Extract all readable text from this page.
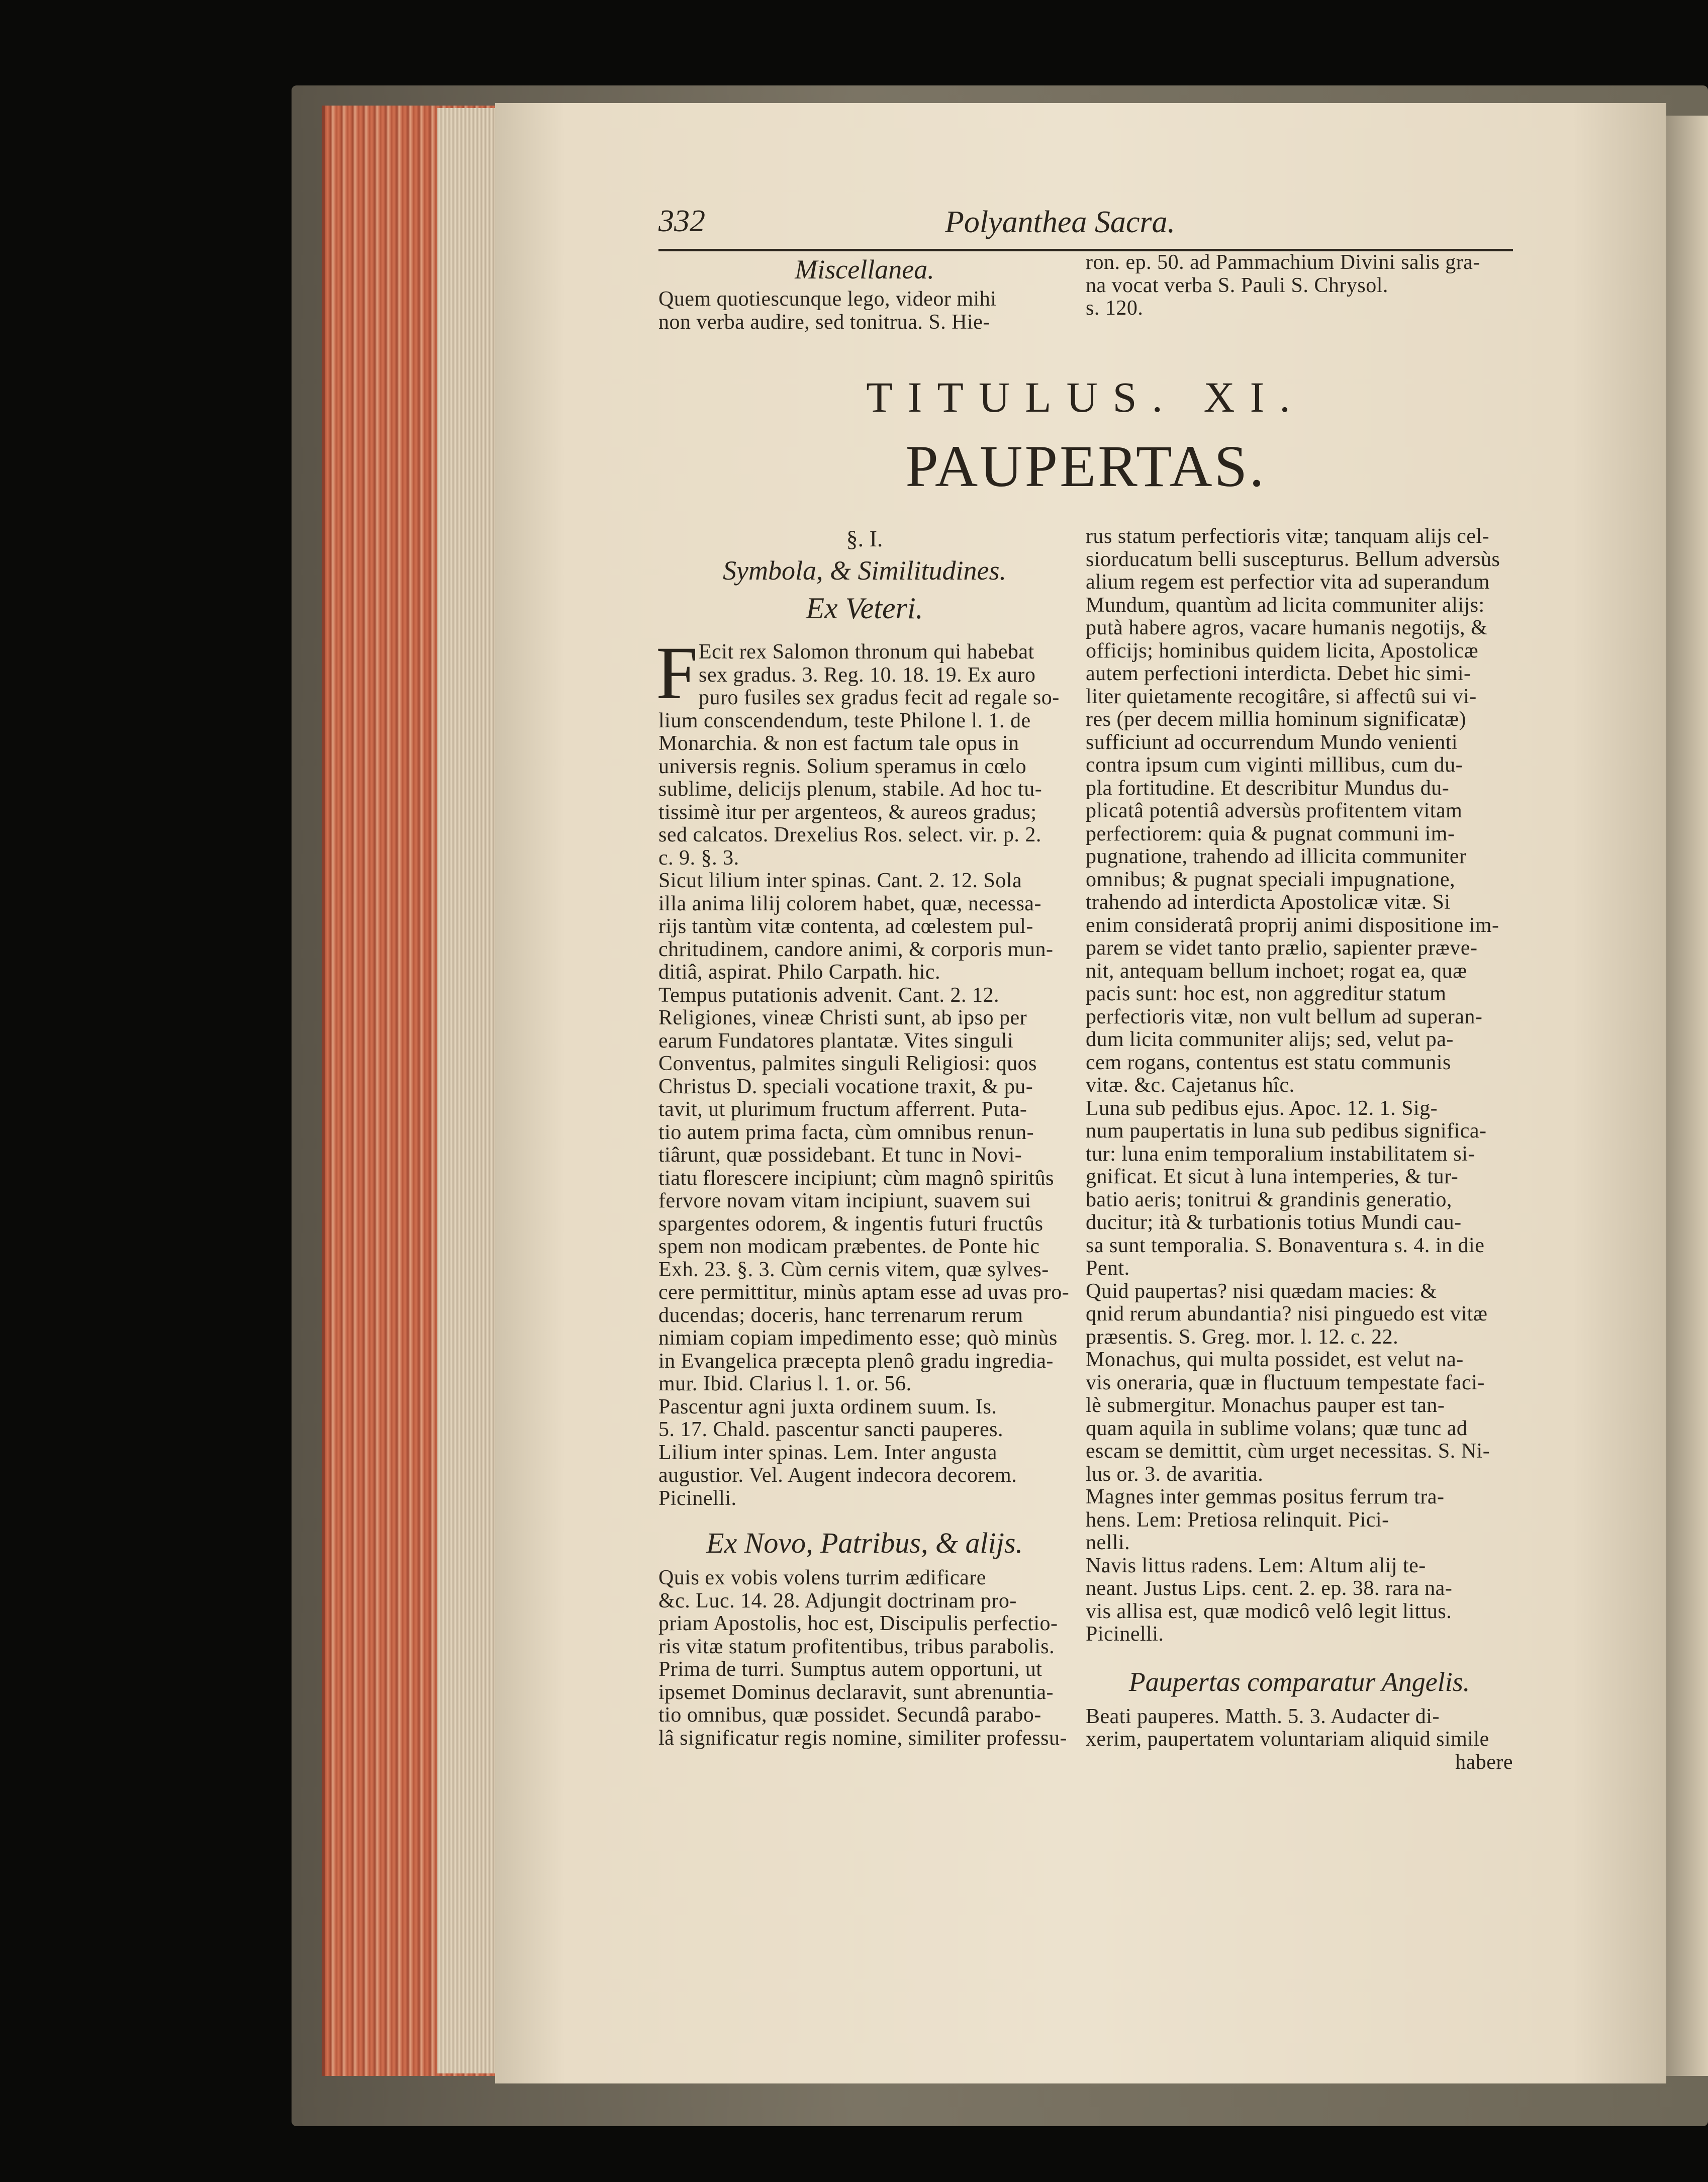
332	Polyanthea Sacra.
Miscellanea.

Quem quotiescunque lego, videor mihi

non verba audire, sed tonitrua. S. Hie-

ron. ep. 50. ad Pammachium Divini salis gra-

na vocat verba S. Pauli S. Chrysol.

s. 120.

TITULUS. XI.
PAUPERTAS.
§. I.
Symbola, & Similitudines.
Ex Veteri.
F Ecit rex Salomon thronum qui habebat

sex gradus. 3. Reg. 10. 18. 19. Ex auro

puro fusiles sex gradus fecit ad regale so-

lium conscendendum, teste Philone l. 1. de

Monarchia. & non est factum tale opus in

universis regnis. Solium speramus in cœlo

sublime, delicijs plenum, stabile. Ad hoc tu-

tissimè itur per argenteos, & aureos gradus;

sed calcatos. Drexelius Ros. select. vir. p. 2.

c. 9. §. 3.

Sicut lilium inter spinas. Cant. 2. 12. Sola

illa anima lilij colorem habet, quæ, necessa-

rijs tantùm vitæ contenta, ad cœlestem pul-

chritudinem, candore animi, & corporis mun-

ditiâ, aspirat. Philo Carpath. hic.

Tempus putationis advenit. Cant. 2. 12.

Religiones, vineæ Christi sunt, ab ipso per

earum Fundatores plantatæ. Vites singuli

Conventus, palmites singuli Religiosi: quos

Christus D. speciali vocatione traxit, & pu-

tavit, ut plurimum fructum afferrent. Puta-

tio autem prima facta, cùm omnibus renun-

tiârunt, quæ possidebant. Et tunc in Novi-

tiatu florescere incipiunt; cùm magnô spiritûs

fervore novam vitam incipiunt, suavem sui

spargentes odorem, & ingentis futuri fructûs

spem non modicam præbentes. de Ponte hic

Exh. 23. §. 3. Cùm cernis vitem, quæ sylves-

cere permittitur, minùs aptam esse ad uvas pro-

ducendas; doceris, hanc terrenarum rerum

nimiam copiam impedimento esse; quò minùs

in Evangelica præcepta plenô gradu ingredia-

mur. Ibid. Clarius l. 1. or. 56.

Pascentur agni juxta ordinem suum. Is.

5. 17. Chald. pascentur sancti pauperes.

Lilium inter spinas. Lem. Inter angusta

augustior. Vel. Augent indecora decorem.

Picinelli.

Ex Novo, Patribus, & alijs.

Quis ex vobis volens turrim ædificare

&c. Luc. 14. 28. Adjungit doctrinam pro-

priam Apostolis, hoc est, Discipulis perfectio-

ris vitæ statum profitentibus, tribus parabolis.

Prima de turri. Sumptus autem opportuni, ut

ipsemet Dominus declaravit, sunt abrenuntia-

tio omnibus, quæ possidet. Secundâ parabo-

lâ significatur regis nomine, similiter professu-

rus statum perfectioris vitæ; tanquam alijs cel-

siorducatum belli suscepturus. Bellum adversùs

alium regem est perfectior vita ad superandum

Mundum, quantùm ad licita communiter alijs:

putà habere agros, vacare humanis negotijs, &

officijs; hominibus quidem licita, Apostolicæ

autem perfectioni interdicta. Debet hic simi-

liter quietamente recogitâre, si affectû sui vi-

res (per decem millia hominum significatæ)

sufficiunt ad occurrendum Mundo venienti

contra ipsum cum viginti millibus, cum du-

pla fortitudine. Et describitur Mundus du-

plicatâ potentiâ adversùs profitentem vitam

perfectiorem: quia & pugnat communi im-

pugnatione, trahendo ad illicita communiter

omnibus; & pugnat speciali impugnatione,

trahendo ad interdicta Apostolicæ vitæ. Si

enim consideratâ proprij animi dispositione im-

parem se videt tanto prælio, sapienter præve-

nit, antequam bellum inchoet; rogat ea, quæ

pacis sunt: hoc est, non aggreditur statum

perfectioris vitæ, non vult bellum ad superan-

dum licita communiter alijs; sed, velut pa-

cem rogans, contentus est statu communis

vitæ. &c. Cajetanus hîc.

Luna sub pedibus ejus. Apoc. 12. 1. Sig-

num paupertatis in luna sub pedibus significa-

tur: luna enim temporalium instabilitatem si-

gnificat. Et sicut à luna intemperies, & tur-

batio aeris; tonitrui & grandinis generatio,

ducitur; ità & turbationis totius Mundi cau-

sa sunt temporalia. S. Bonaventura s. 4. in die

Pent.

Quid paupertas? nisi quædam macies: &

qnid rerum abundantia? nisi pinguedo est vitæ

præsentis. S. Greg. mor. l. 12. c. 22.

Monachus, qui multa possidet, est velut na-

vis oneraria, quæ in fluctuum tempestate faci-

lè submergitur. Monachus pauper est tan-

quam aquila in sublime volans; quæ tunc ad

escam se demittit, cùm urget necessitas. S. Ni-

lus or. 3. de avaritia.

Magnes inter gemmas positus ferrum tra-

hens. Lem: Pretiosa relinquit. Pici-

nelli.

Navis littus radens. Lem: Altum alij te-

neant. Justus Lips. cent. 2. ep. 38. rara na-

vis allisa est, quæ modicô velô legit littus.

Picinelli.

Paupertas comparatur Angelis.

Beati pauperes. Matth. 5. 3. Audacter di-

xerim, paupertatem voluntariam aliquid simile

habere
